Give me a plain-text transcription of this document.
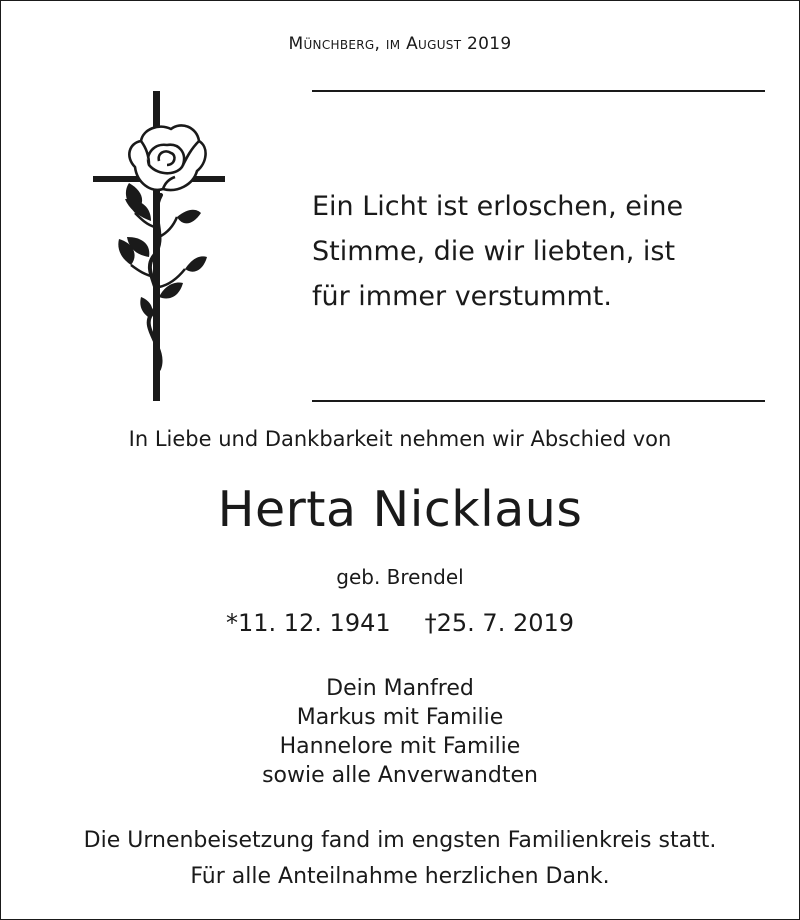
Münchberg, im August 2019
Ein Licht ist erloschen, eine
Stimme, die wir liebten, ist
für immer verstummt.
In Liebe und Dankbarkeit nehmen wir Abschied von
Herta Nicklaus
geb. Brendel
*11. 12. 1941 †25. 7. 2019
Dein Manfred
Markus mit Familie
Hannelore mit Familie
sowie alle Anverwandten
Die Urnenbeisetzung fand im engsten Familienkreis statt.
Für alle Anteilnahme herzlichen Dank.
